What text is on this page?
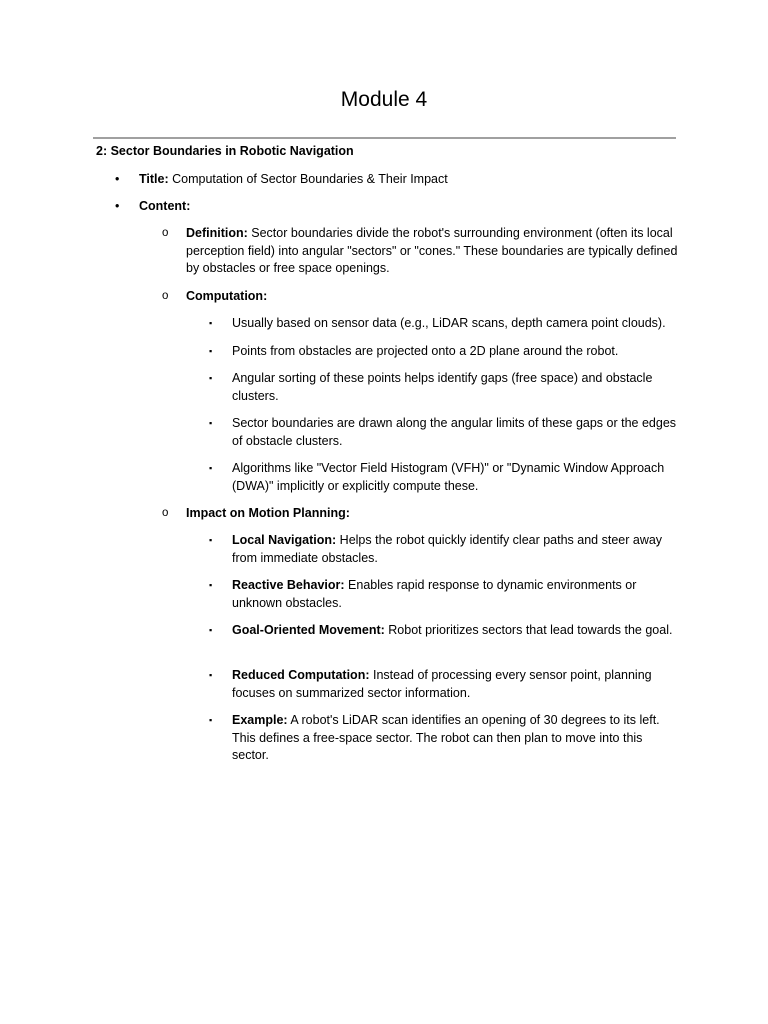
Module 4
2: Sector Boundaries in Robotic Navigation
• Title: Computation of Sector Boundaries & Their Impact
• Content:
o Definition: Sector boundaries divide the robot's surrounding environment (often its local perception field) into angular "sectors" or "cones." These boundaries are typically defined by obstacles or free space openings.
o Computation:
▪ Usually based on sensor data (e.g., LiDAR scans, depth camera point clouds).
▪ Points from obstacles are projected onto a 2D plane around the robot.
▪ Angular sorting of these points helps identify gaps (free space) and obstacle clusters.
▪ Sector boundaries are drawn along the angular limits of these gaps or the edges of obstacle clusters.
▪ Algorithms like "Vector Field Histogram (VFH)" or "Dynamic Window Approach (DWA)" implicitly or explicitly compute these.
o Impact on Motion Planning:
▪ Local Navigation: Helps the robot quickly identify clear paths and steer away from immediate obstacles.
▪ Reactive Behavior: Enables rapid response to dynamic environments or unknown obstacles.
▪ Goal-Oriented Movement: Robot prioritizes sectors that lead towards the goal.
▪ Reduced Computation: Instead of processing every sensor point, planning focuses on summarized sector information.
▪ Example: A robot's LiDAR scan identifies an opening of 30 degrees to its left. This defines a free-space sector. The robot can then plan to move into this sector.
